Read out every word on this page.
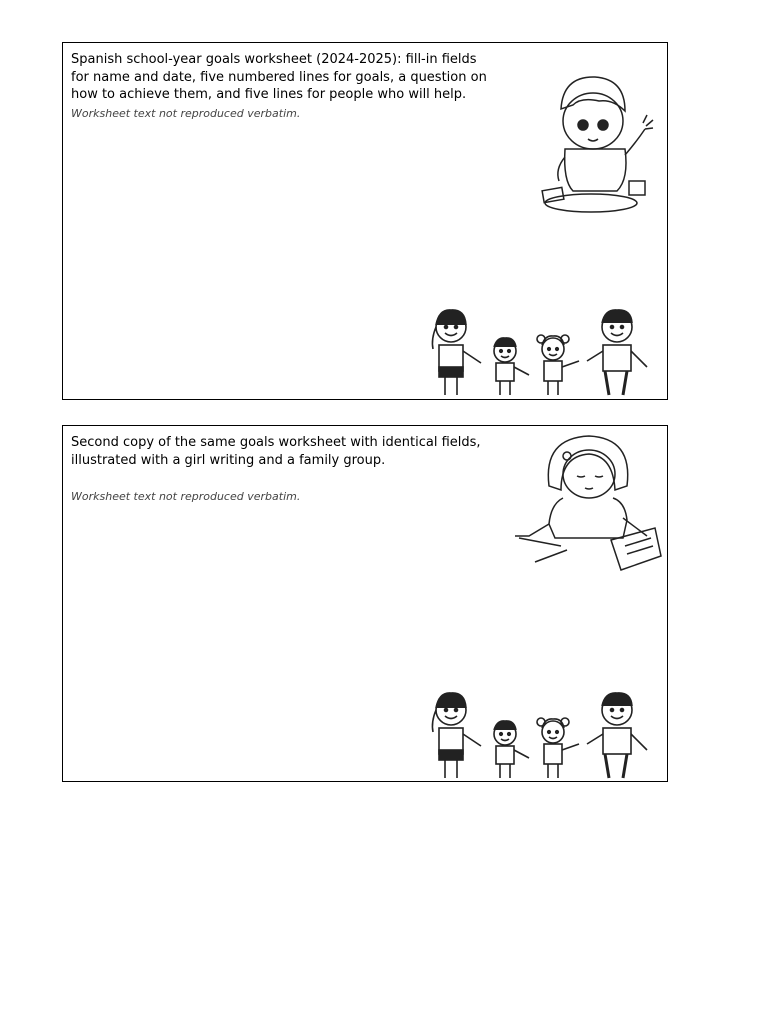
Spanish school-year goals worksheet (2024-2025): fill-in fields for name and date, five numbered lines for goals, a question on how to achieve them, and five lines for people who will help.
Worksheet text not reproduced verbatim.
Second copy of the same goals worksheet with identical fields, illustrated with a girl writing and a family group.
Worksheet text not reproduced verbatim.
